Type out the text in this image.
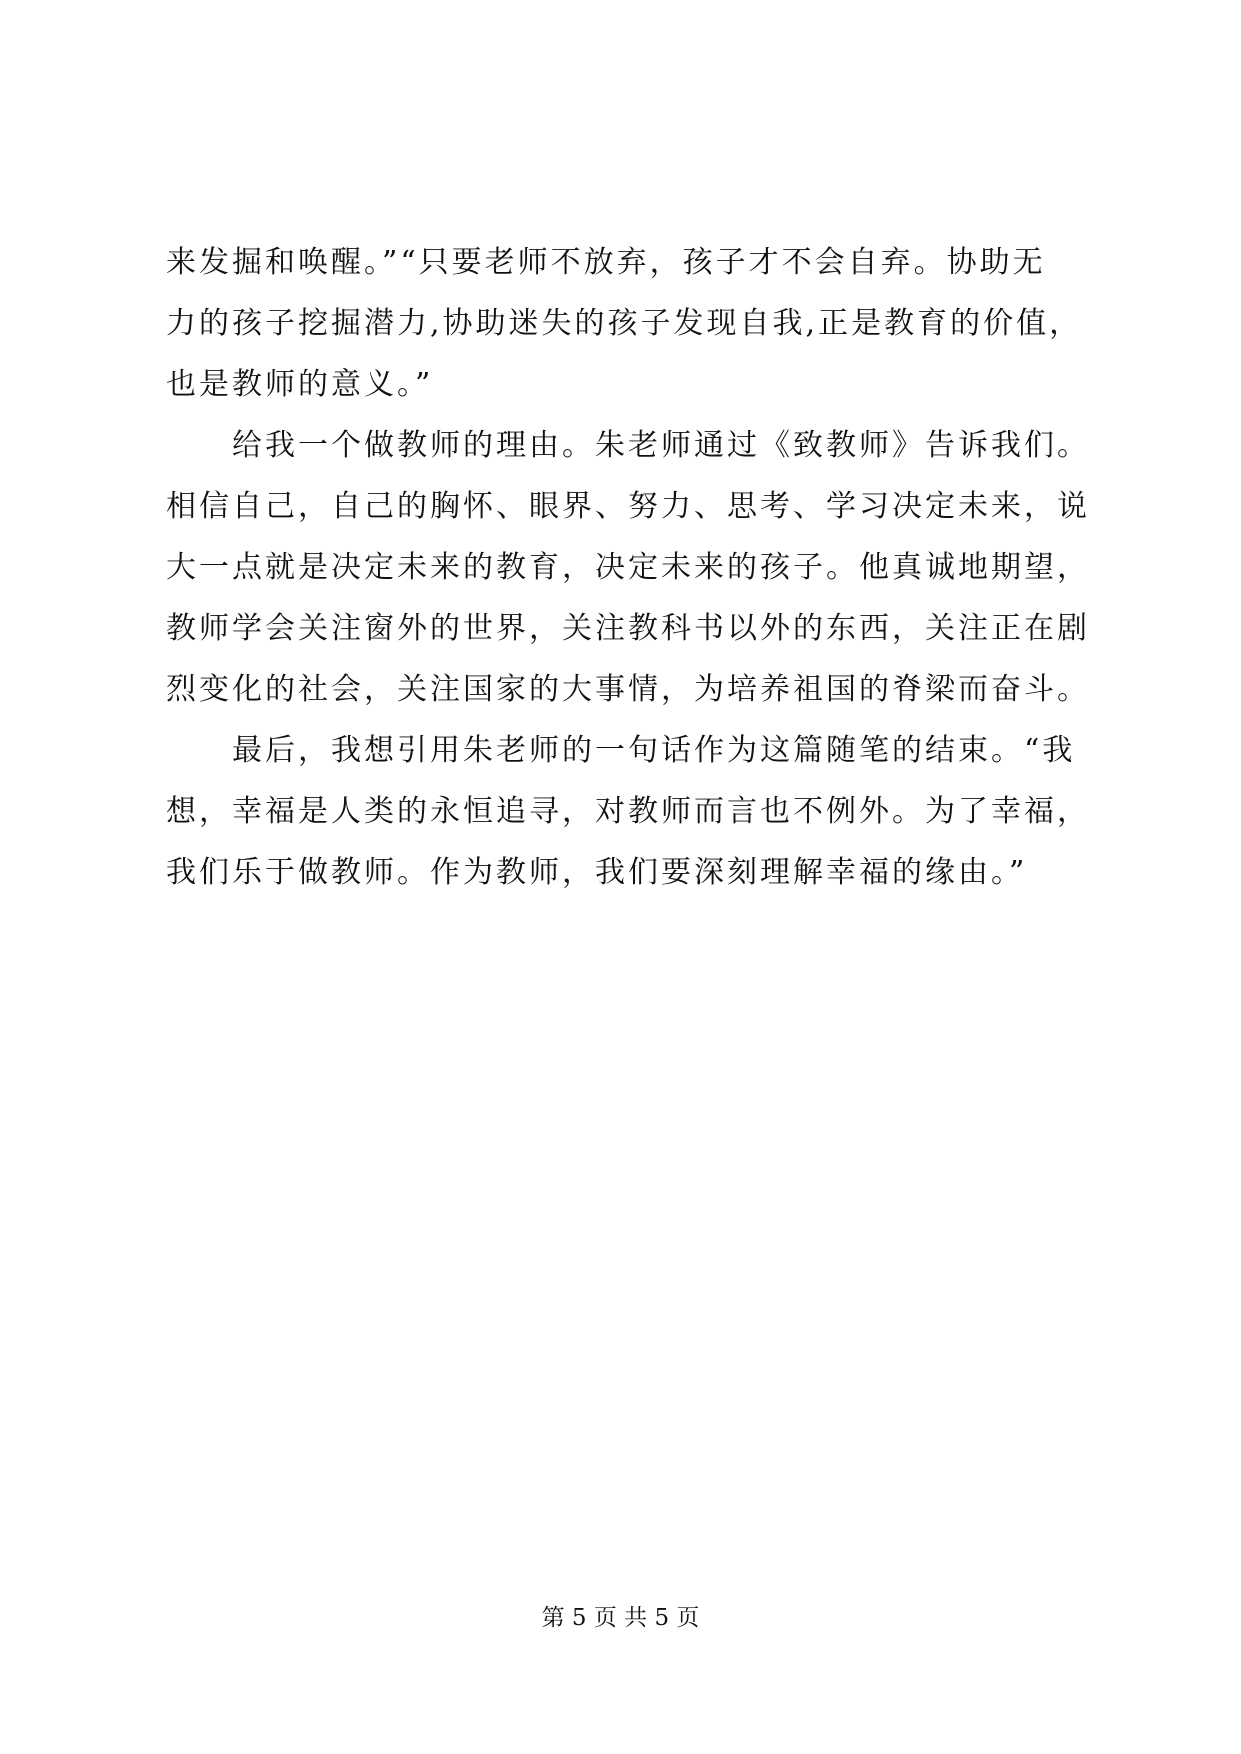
来发掘和唤醒。”“只要老师不放弃，孩子才不会自弃。协助无
力的孩子挖掘潜力,协助迷失的孩子发现自我,正是教育的价值，
也是教师的意义。”
　　给我一个做教师的理由。朱老师通过《致教师》告诉我们。
相信自己，自己的胸怀、眼界、努力、思考、学习决定未来，说
大一点就是决定未来的教育，决定未来的孩子。他真诚地期望，
教师学会关注窗外的世界，关注教科书以外的东西，关注正在剧
烈变化的社会，关注国家的大事情，为培养祖国的脊梁而奋斗。
　　最后，我想引用朱老师的一句话作为这篇随笔的结束。“我
想，幸福是人类的永恒追寻，对教师而言也不例外。为了幸福，
我们乐于做教师。作为教师，我们要深刻理解幸福的缘由。”
第 5 页 共 5 页
